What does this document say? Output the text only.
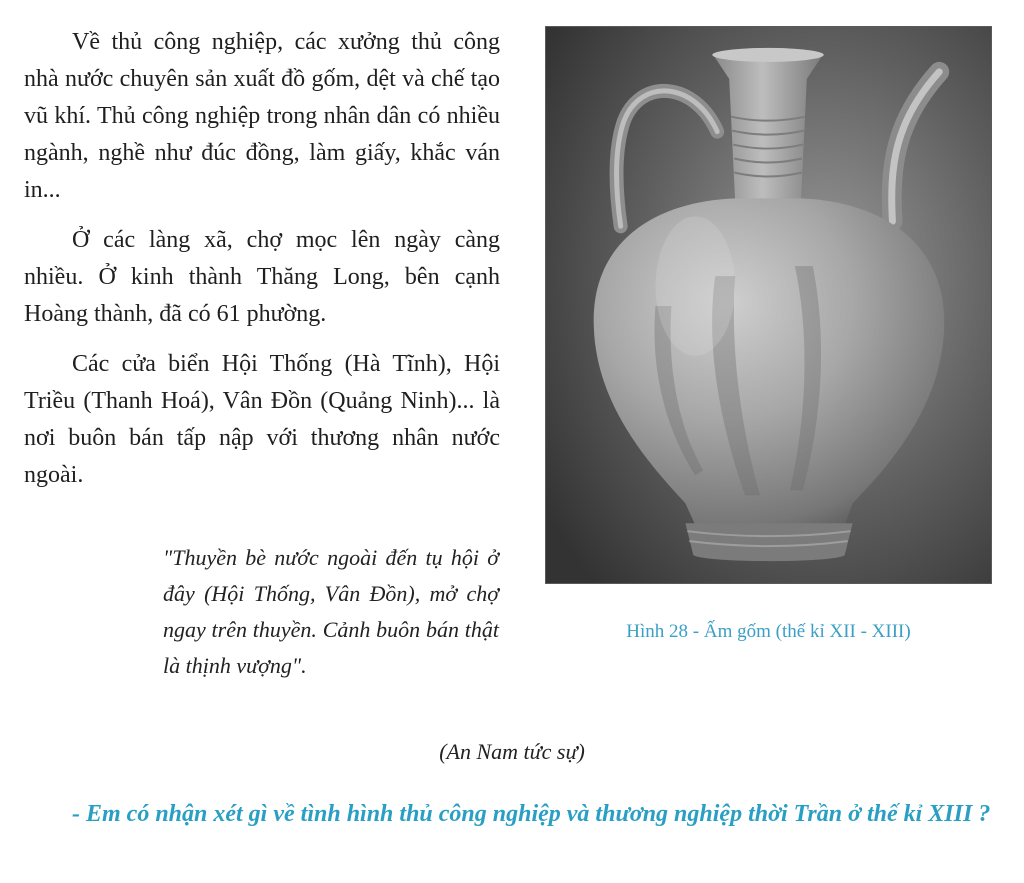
Về thủ công nghiệp, các xưởng thủ công nhà nước chuyên sản xuất đồ gốm, dệt và chế tạo vũ khí. Thủ công nghiệp trong nhân dân có nhiều ngành, nghề như đúc đồng, làm giấy, khắc ván in...

Ở các làng xã, chợ mọc lên ngày càng nhiều. Ở kinh thành Thăng Long, bên cạnh Hoàng thành, đã có 61 phường.

Các cửa biển Hội Thống (Hà Tĩnh), Hội Triều (Thanh Hoá), Vân Đồn (Quảng Ninh)... là nơi buôn bán tấp nập với thương nhân nước ngoài.

"Thuyền bè nước ngoài đến tụ hội ở đây (Hội Thống, Vân Đồn), mở chợ ngay trên thuyền. Cảnh buôn bán thật là thịnh vượng".
(An Nam tức sự)
Hình 28 - Ấm gốm (thế kỉ XII - XIII)
- Em có nhận xét gì về tình hình thủ công nghiệp và thương nghiệp thời Trần ở thế kỉ XIII ?
